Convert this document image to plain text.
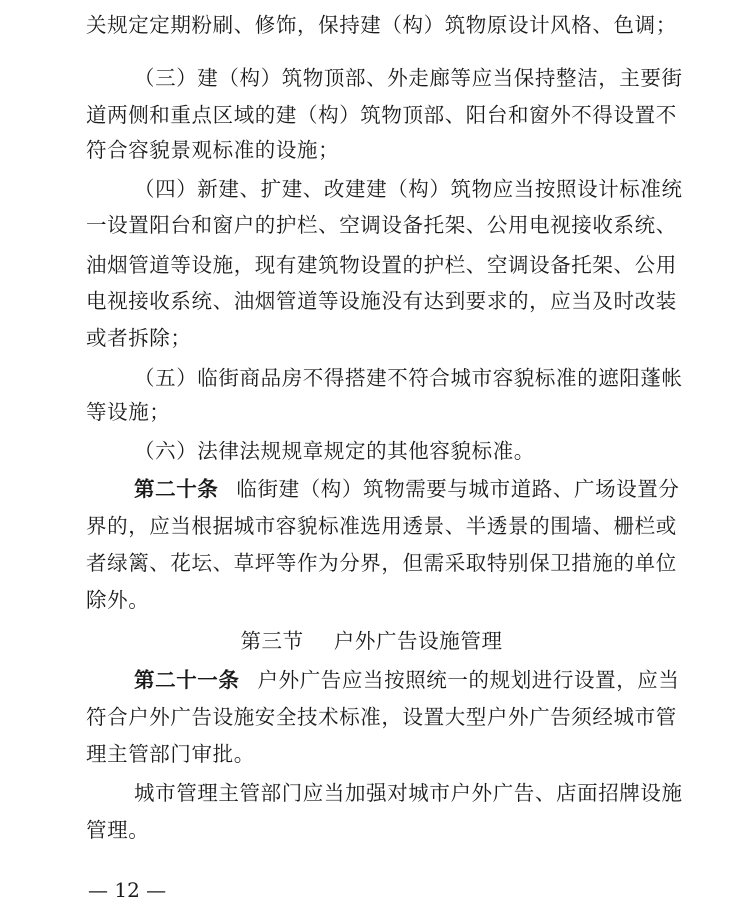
关规定定期粉刷、修饰，保持建（构）筑物原设计风格、色调；
（三）建（构）筑物顶部、外走廊等应当保持整洁，主要街
道两侧和重点区域的建（构）筑物顶部、阳台和窗外不得设置不
符合容貌景观标准的设施；
（四）新建、扩建、改建建（构）筑物应当按照设计标准统
一设置阳台和窗户的护栏、空调设备托架、公用电视接收系统、
油烟管道等设施，现有建筑物设置的护栏、空调设备托架、公用
电视接收系统、油烟管道等设施没有达到要求的，应当及时改装
或者拆除；
（五）临街商品房不得搭建不符合城市容貌标准的遮阳蓬帐
等设施；
（六）法律法规规章规定的其他容貌标准。
第二十条 临街建（构）筑物需要与城市道路、广场设置分
界的，应当根据城市容貌标准选用透景、半透景的围墙、栅栏或
者绿篱、花坛、草坪等作为分界，但需采取特别保卫措施的单位
除外。
第三节 户外广告设施管理
第二十一条 户外广告应当按照统一的规划进行设置，应当
符合户外广告设施安全技术标准，设置大型户外广告须经城市管
理主管部门审批。
城市管理主管部门应当加强对城市户外广告、店面招牌设施
管理。
— 12 —
